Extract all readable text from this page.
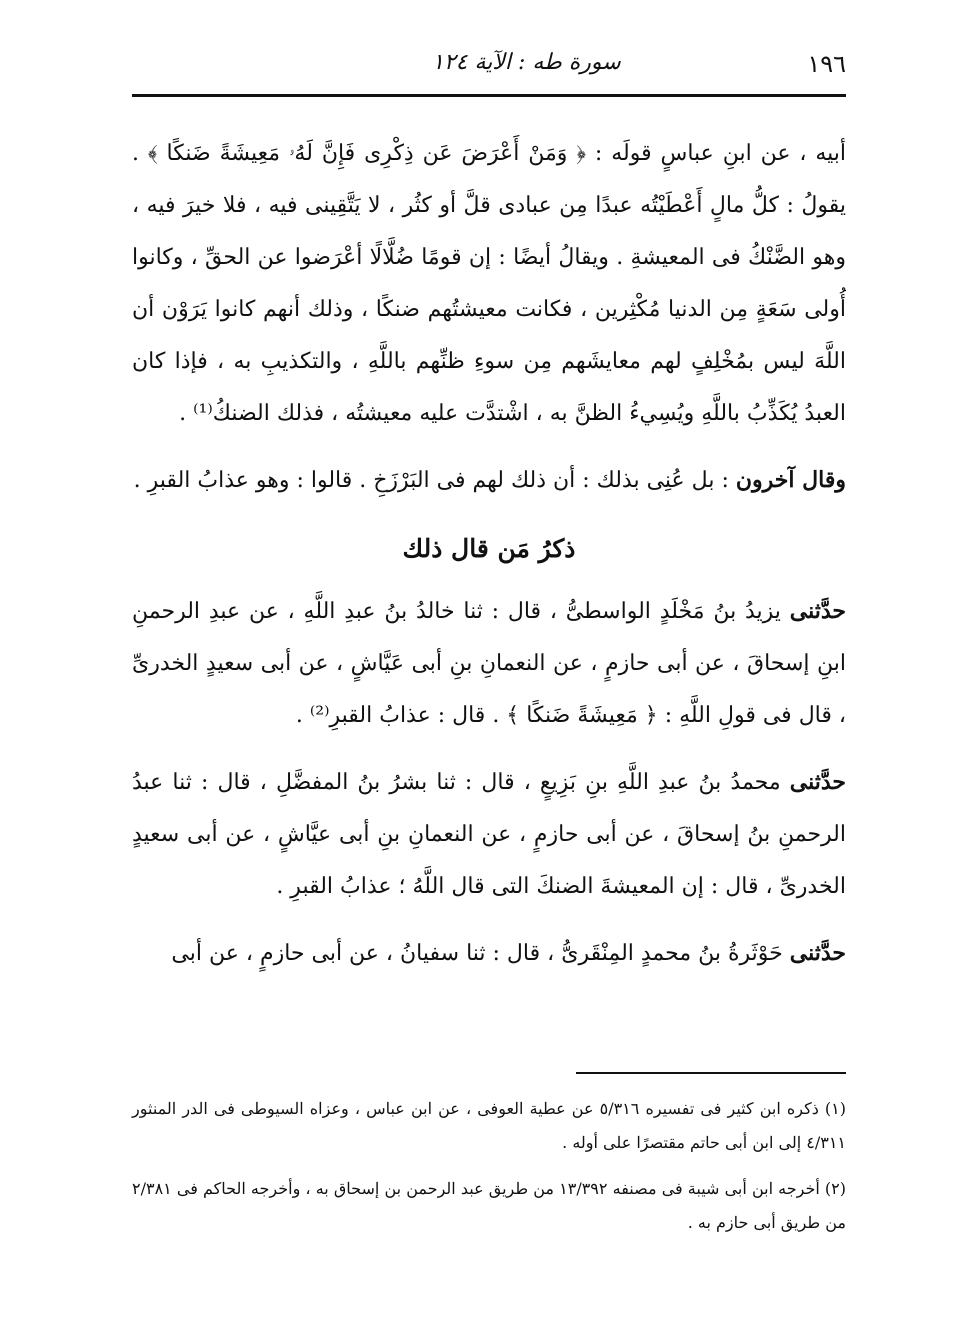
١٩٦
سورة طه : الآية ١٢٤

أبيه ، عن ابنِ عباسٍ قولَه : ﴿ وَمَنْ أَعْرَضَ عَن ذِكْرِى فَإِنَّ لَهُۥ مَعِيشَةً ضَنكًا ﴾ . يقولُ : كلُّ مالٍ أَعْطَيْتُه عبدًا مِن عبادى قلَّ أو كثُر ، لا يَتَّقِينى فيه ، فلا خيرَ فيه ، وهو الضَّنْكُ فى المعيشةِ . ويقالُ أيضًا : إن قومًا ضُلَّالًا أعْرَضوا عن الحقِّ ، وكانوا أُولى سَعَةٍ مِن الدنيا مُكْثِرين ، فكانت معيشتُهم ضنكًا ، وذلك أنهم كانوا يَرَوْن أن اللَّهَ ليس بمُخْلِفٍ لهم معايشَهم مِن سوءِ ظنِّهم باللَّهِ ، والتكذيبِ به ، فإذا كان العبدُ يُكَذِّبُ باللَّهِ ويُسِيءُ الظنَّ به ، اشْتدَّت عليه معيشتُه ، فذلك الضنكُ⁽¹⁾ .

وقال آخرون : بل عُنِى بذلك : أن ذلك لهم فى البَرْزَخِ . قالوا : وهو عذابُ القبرِ .

ذكرُ مَن قال ذلك

حدَّثنى يزيدُ بنُ مَخْلَدٍ الواسطىُّ ، قال : ثنا خالدُ بنُ عبدِ اللَّهِ ، عن عبدِ الرحمنِ ابنِ إسحاقَ ، عن أبى حازمٍ ، عن النعمانِ بنِ أبى عَيَّاشٍ ، عن أبى سعيدٍ الخدرىِّ ، قال فى قولِ اللَّهِ : ﴿ مَعِيشَةً ضَنكًا ﴾ . قال : عذابُ القبرِ⁽²⁾ .

حدَّثنى محمدُ بنُ عبدِ اللَّهِ بنِ بَزِيعٍ ، قال : ثنا بشرُ بنُ المفضَّلِ ، قال : ثنا عبدُ الرحمنِ بنُ إسحاقَ ، عن أبى حازمٍ ، عن النعمانِ بنِ أبى عيَّاشٍ ، عن أبى سعيدٍ الخدرىِّ ، قال : إن المعيشةَ الضنكَ التى قال اللَّهُ ؛ عذابُ القبرِ .

حدَّثنى حَوْثَرةُ بنُ محمدٍ المِنْقَرىُّ ، قال : ثنا سفيانُ ، عن أبى حازمٍ ، عن أبى

(١) ذكره ابن كثير فى تفسيره ٥/٣١٦ عن عطية العوفى ، عن ابن عباس ، وعزاه السيوطى فى الدر المنثور ٤/٣١١ إلى ابن أبى حاتم مقتصرًا على أوله .

(٢) أخرجه ابن أبى شيبة فى مصنفه ١٣/٣٩٢ من طريق عبد الرحمن بن إسحاق به ، وأخرجه الحاكم فى ٢/٣٨١ من طريق أبى حازم به .
